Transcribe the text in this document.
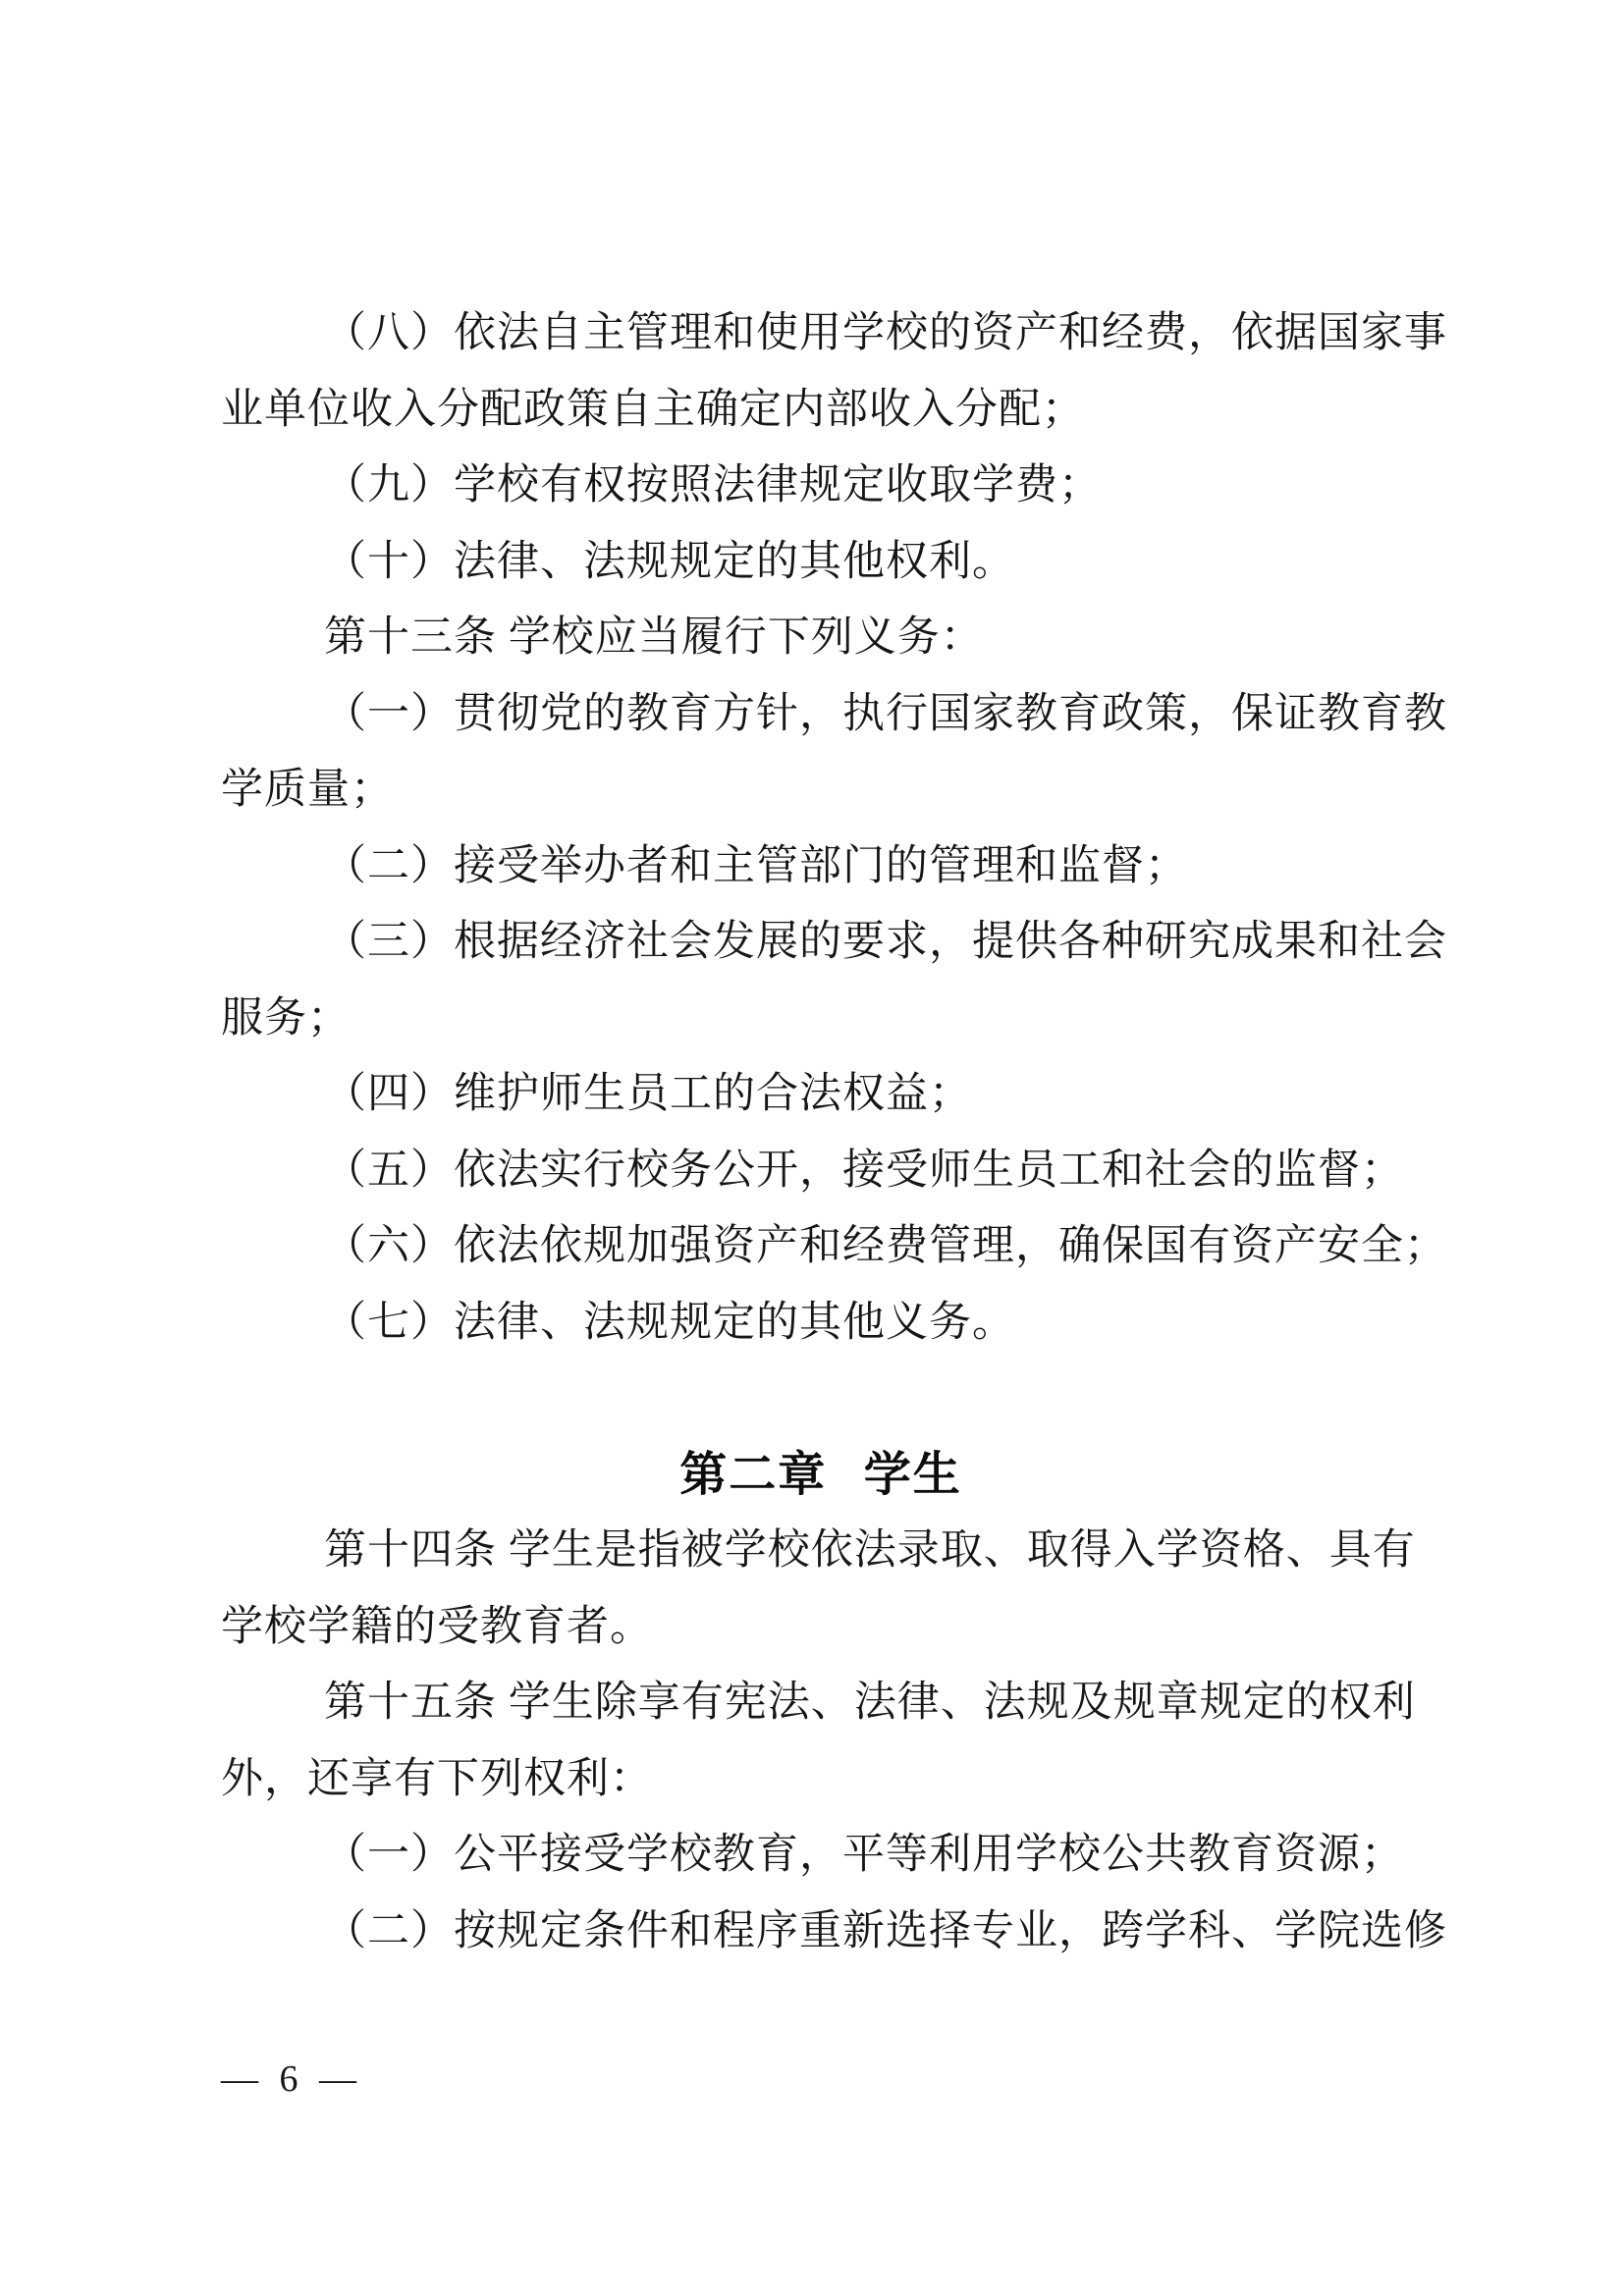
（八）依法自主管理和使用学校的资产和经费，依据国家事
业单位收入分配政策自主确定内部收入分配；
（九）学校有权按照法律规定收取学费；
（十）法律、法规规定的其他权利。
第十三条 学校应当履行下列义务：
（一）贯彻党的教育方针，执行国家教育政策，保证教育教
学质量；
（二）接受举办者和主管部门的管理和监督；
（三）根据经济社会发展的要求，提供各种研究成果和社会
服务；
（四）维护师生员工的合法权益；
（五）依法实行校务公开，接受师生员工和社会的监督；
（六）依法依规加强资产和经费管理，确保国有资产安全；
（七）法律、法规规定的其他义务。
第二章  学生
第十四条 学生是指被学校依法录取、取得入学资格、具有
学校学籍的受教育者。
第十五条 学生除享有宪法、法律、法规及规章规定的权利
外，还享有下列权利：
（一）公平接受学校教育，平等利用学校公共教育资源；
（二）按规定条件和程序重新选择专业，跨学科、学院选修
— 6 —
